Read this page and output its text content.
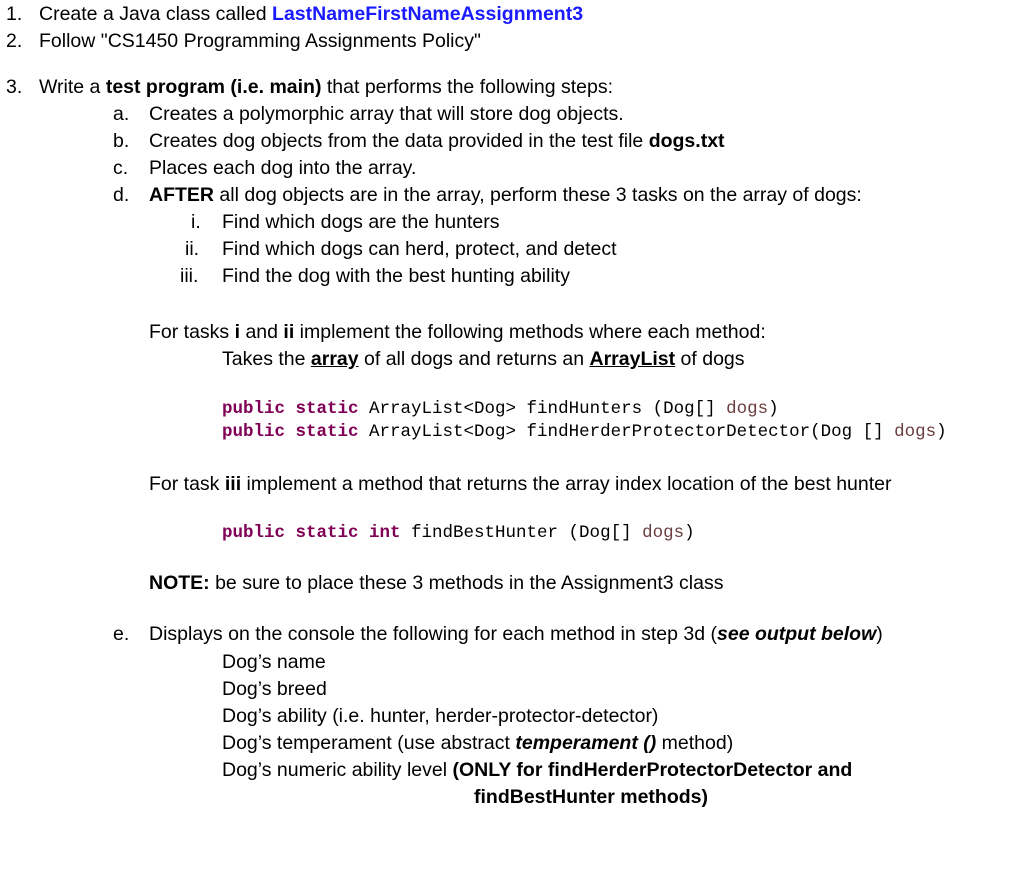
1. Create a Java class called LastNameFirstNameAssignment3
2. Follow "CS1450 Programming Assignments Policy"
3. Write a test program (i.e. main) that performs the following steps:
a. Creates a polymorphic array that will store dog objects.
b. Creates dog objects from the data provided in the test file dogs.txt
c. Places each dog into the array.
d. AFTER all dog objects are in the array, perform these 3 tasks on the array of dogs:
i. Find which dogs are the hunters
ii. Find which dogs can herd, protect, and detect
iii. Find the dog with the best hunting ability
For tasks i and ii implement the following methods where each method:
Takes the array of all dogs and returns an ArrayList of dogs
public static ArrayList<Dog> findHunters (Dog[] dogs)
public static ArrayList<Dog> findHerderProtectorDetector(Dog [] dogs)
For task iii implement a method that returns the array index location of the best hunter
public static int findBestHunter (Dog[] dogs)
NOTE: be sure to place these 3 methods in the Assignment3 class
e. Displays on the console the following for each method in step 3d (see output below)
Dog’s name
Dog’s breed
Dog’s ability (i.e. hunter, herder-protector-detector)
Dog’s temperament (use abstract temperament () method)
Dog’s numeric ability level (ONLY for findHerderProtectorDetector and
findBestHunter methods)
